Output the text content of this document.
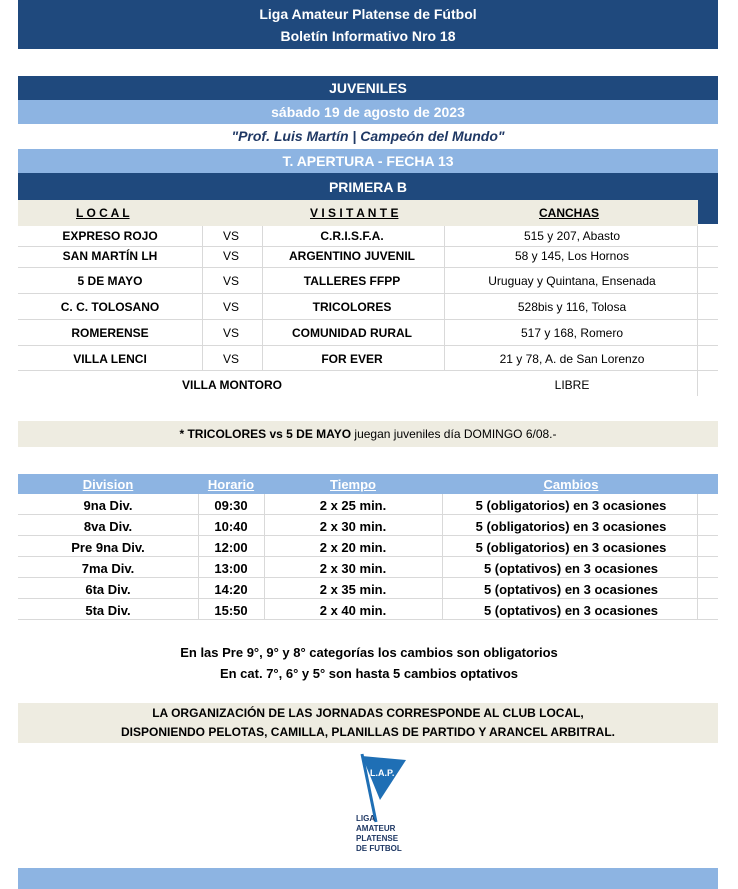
Liga Amateur Platense de Fútbol
Boletín Informativo Nro 18
JUVENILES
sábado 19 de agosto de 2023
"Prof. Luis Martín | Campeón del Mundo"
T. APERTURA - FECHA 13
PRIMERA B
L O C A L	V I S I T A N T E	CANCHAS
EXPRESO ROJO	VS	C.R.I.S.F.A.	515 y 207, Abasto
SAN MARTÍN LH	VS	ARGENTINO JUVENIL	58 y 145, Los Hornos
5 DE MAYO	VS	TALLERES FFPP	Uruguay y Quintana, Ensenada
C. C. TOLOSANO	VS	TRICOLORES	528bis y 116, Tolosa
ROMERENSE	VS	COMUNIDAD RURAL	517 y 168, Romero
VILLA LENCI	VS	FOR EVER	21 y 78, A. de San Lorenzo
VILLA MONTORO	LIBRE
* TRICOLORES vs 5 DE MAYO juegan juveniles día DOMINGO 6/08.-
Division	Horario	Tiempo	Cambios
9na Div.	09:30	2 x 25 min.	5 (obligatorios) en 3 ocasiones
8va Div.	10:40	2 x 30 min.	5 (obligatorios) en 3 ocasiones
Pre 9na Div.	12:00	2 x 20 min.	5 (obligatorios) en 3 ocasiones
7ma Div.	13:00	2 x 30 min.	5 (optativos) en 3 ocasiones
6ta Div.	14:20	2 x 35 min.	5 (optativos) en 3 ocasiones
5ta Div.	15:50	2 x 40 min.	5 (optativos) en 3 ocasiones
En las Pre 9°, 9° y 8° categorías los cambios son obligatorios
En cat. 7°, 6° y 5° son hasta 5 cambios optativos
LA ORGANIZACIÓN DE LAS JORNADAS CORRESPONDE AL CLUB LOCAL,
DISPONIENDO PELOTAS, CAMILLA, PLANILLAS DE PARTIDO Y ARANCEL ARBITRAL.
L.A.P.
LIGA
AMATEUR
PLATENSE
DE FUTBOL
